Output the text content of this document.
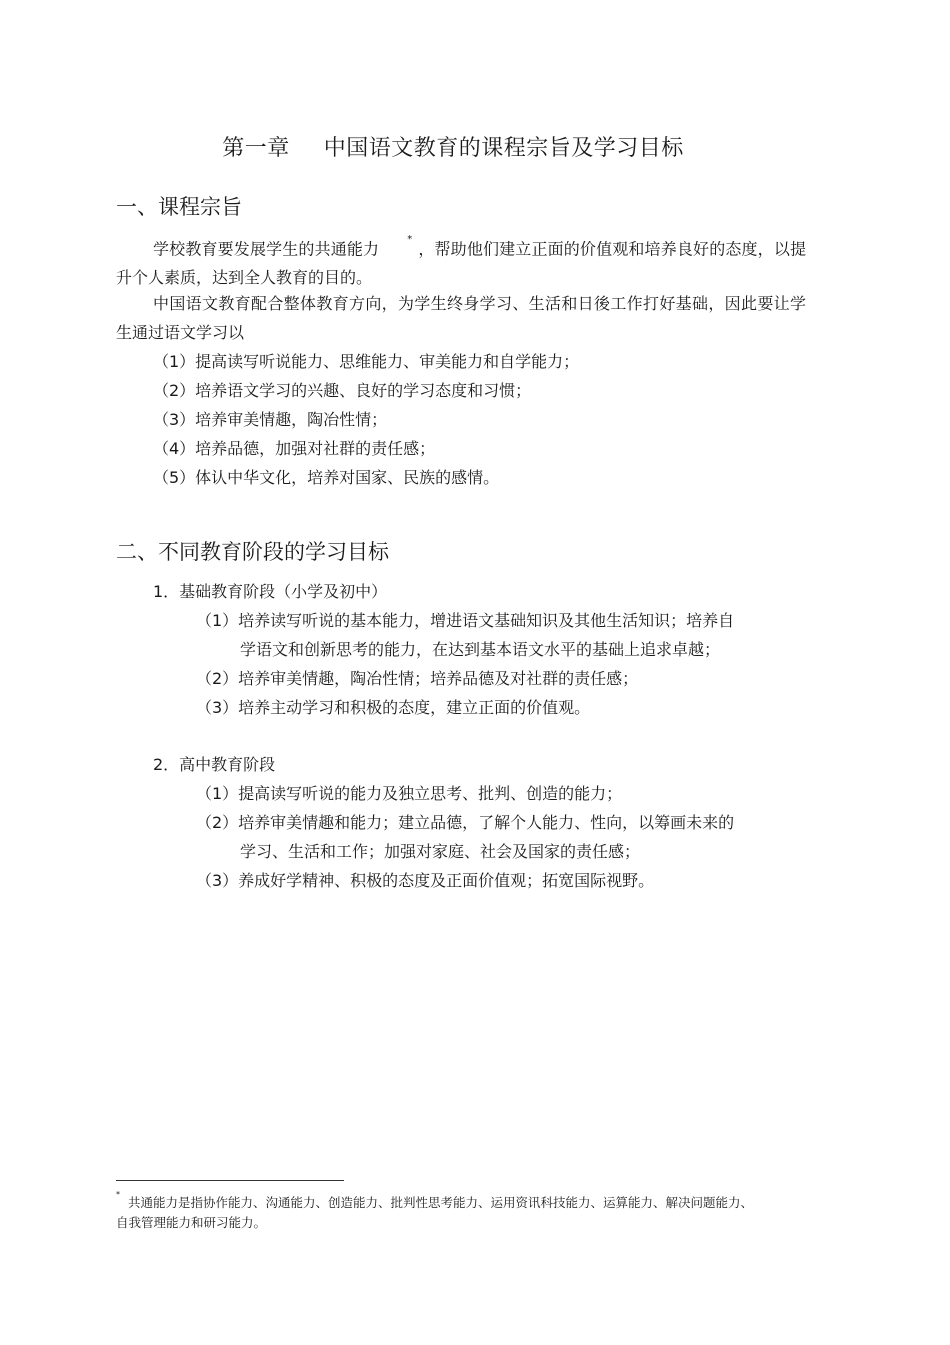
第一章 中国语文教育的课程宗旨及学习目标
一、课程宗旨
学校教育要发展学生的共通能力	* ，帮助他们建立正面的价值观和培养良好的态度，以提升个人素质，达到全人教育的目的。
中国语文教育配合整体教育方向，为学生终身学习、生活和日後工作打好基础，因此要让学生通过语文学习以
（1）提高读写听说能力、思维能力、审美能力和自学能力；
（2）培养语文学习的兴趣、良好的学习态度和习惯；
（3）培养审美情趣，陶冶性情；
（4）培养品德，加强对社群的责任感；
（5）体认中华文化，培养对国家、民族的感情。
二、不同教育阶段的学习目标
1．基础教育阶段（小学及初中）
（1）培养读写听说的基本能力，增进语文基础知识及其他生活知识；培养自
学语文和创新思考的能力，在达到基本语文水平的基础上追求卓越；
（2）培养审美情趣，陶冶性情；培养品德及对社群的责任感；
（3）培养主动学习和积极的态度，建立正面的价值观。
2．高中教育阶段
（1）提高读写听说的能力及独立思考、批判、创造的能力；
（2）培养审美情趣和能力；建立品德，了解个人能力、性向，以筹画未来的
学习、生活和工作；加强对家庭、社会及国家的责任感；
（3）养成好学精神、积极的态度及正面价值观；拓宽国际视野。
*共通能力是指协作能力、沟通能力、创造能力、批判性思考能力、运用资讯科技能力、运算能力、解决问题能力、自我管理能力和研习能力。
